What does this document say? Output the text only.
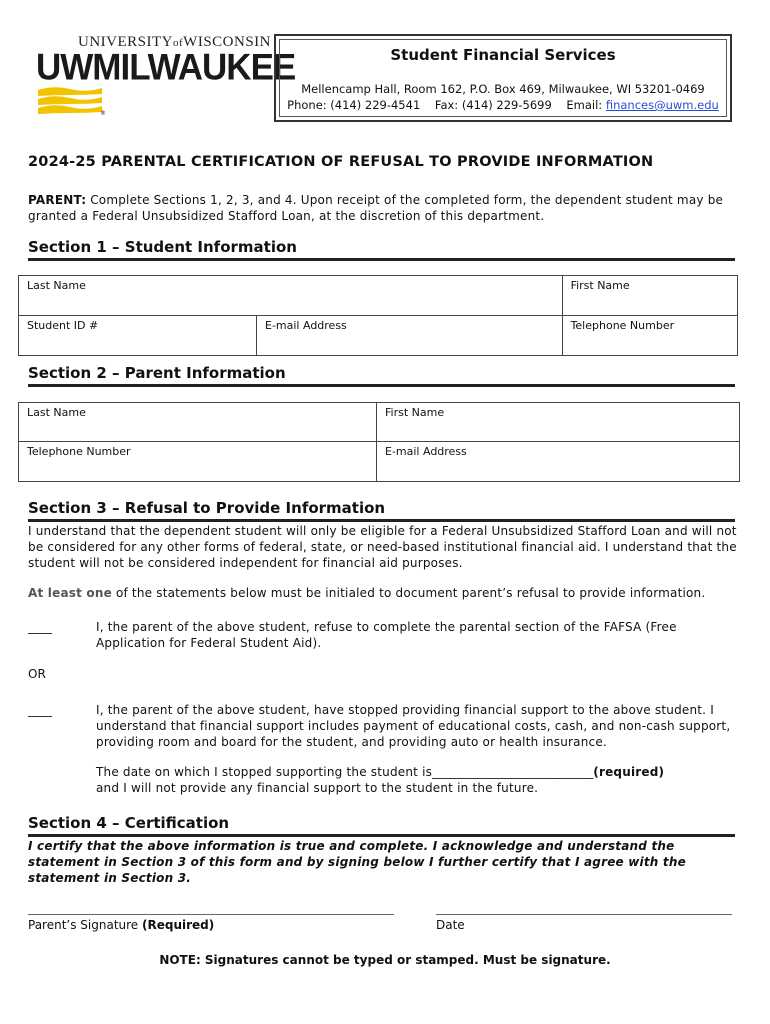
UNIVERSITYofWISCONSIN
UWMILWAUKEE
®
Student Financial Services
Mellencamp Hall, Room 162, P.O. Box 469, Milwaukee, WI 53201-0469
Phone: (414) 229-4541 Fax: (414) 229-5699 Email: finances@uwm.edu
2024-25 PARENTAL CERTIFICATION OF REFUSAL TO PROVIDE INFORMATION
PARENT: Complete Sections 1, 2, 3, and 4. Upon receipt of the completed form, the dependent student may be granted a Federal Unsubsidized Stafford Loan, at the discretion of this department.
Section 1 – Student Information
Last Name		First Name
Student ID #	E-mail Address	Telephone Number
Section 2 – Parent Information
Last Name	First Name
Telephone Number	E-mail Address
Section 3 – Refusal to Provide Information
I understand that the dependent student will only be eligible for a Federal Unsubsidized Stafford Loan and will not be considered for any other forms of federal, state, or need-based institutional financial aid. I understand that the student will not be considered independent for financial aid purposes.
At least one of the statements below must be initialed to document parent’s refusal to provide information.
____	I, the parent of the above student, refuse to complete the parental section of the FAFSA (Free Application for Federal Student Aid).
OR
____	I, the parent of the above student, have stopped providing financial support to the above student. I understand that financial support includes payment of educational costs, cash, and non-cash support, providing room and board for the student, and providing auto or health insurance.
The date on which I stopped supporting the student is__________________________(required)
and I will not provide any financial support to the student in the future.
Section 4 – Certification
I certify that the above information is true and complete. I acknowledge and understand the statement in Section 3 of this form and by signing below I further certify that I agree with the statement in Section 3.
Parent’s Signature (Required)	Date
NOTE: Signatures cannot be typed or stamped. Must be signature.
